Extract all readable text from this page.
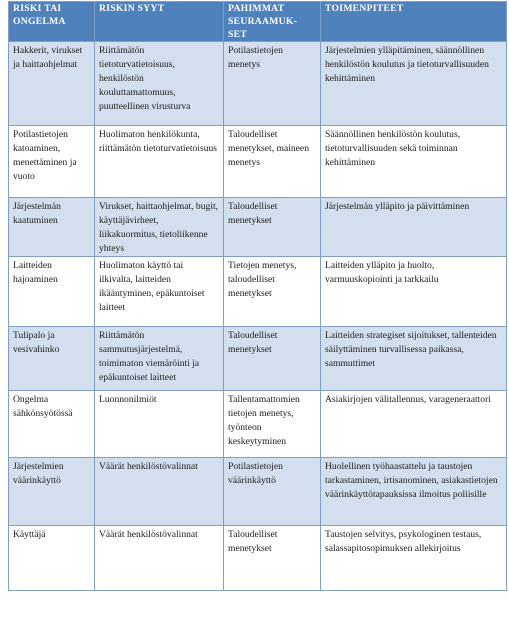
RISKI TAI ONGELMA	RISKIN SYYT	PAHIMMAT SEURAAMUK-SET	TOIMENPITEET
Hakkerit, virukset ja haittaohjelmat	Riittämätön tietoturvatietoisuus, henkilöstön kouluttamattomuus, puutteellinen virusturva	Potilastietojen menetys	Järjestelmien ylläpitäminen, säännöllinen henkilöstön koulutus ja tietoturvallisuuden kehittäminen
Potilastietojen katoaminen, menettäminen ja vuoto	Huolimaton henkilökunta, riittämätön tietoturvatietoisuus	Taloudelliset menetykset, maineen menetys	Säännöllinen henkilöstön koulutus, tietoturvallisuuden sekä toiminnan kehittäminen
Järjestelmän kaatuminen	Virukset, haittaohjelmat, bugit, käyttäjävirheet, liikakuormitus, tietoliikenne yhteys	Taloudelliset menetykset	Järjestelmän ylläpito ja päivittäminen
Laitteiden hajoaminen	Huolimaton käyttö tai ilkivalta, laitteiden ikääntyminen, epäkuntoiset laitteet	Tietojen menetys, taloudelliset menetykset	Laitteiden ylläpito ja huolto, varmuuskopiointi ja tarkkailu
Tulipalo ja vesivahinko	Riittämätön sammutusjärjestelmä, toimimaton viemäröinti ja epäkuntoiset laitteet	Taloudelliset menetykset	Laitteiden strategiset sijoitukset, tallenteiden säilyttäminen turvallisessa paikassa, sammuttimet
Ongelma sähkönsyötössä	Luonnonilmiöt	Tallentamattomien tietojen menetys, työnteon keskeytyminen	Asiakirjojen välitallennus, varageneraattori
Järjestelmien väärinkäyttö	Väärät henkilöstövalinnat	Potilastietojen väärinkäyttö	Huolellinen työhaastattelu ja taustojen tarkastaminen, irtisanominen, asiakastietojen väärinkäyttötapauksissa ilmoitus poliisille
Käyttäjä	Väärät henkilöstövalinnat	Taloudelliset menetykset	Taustojen selvitys, psykologinen testaus, salassapitosopimuksen allekirjoitus
